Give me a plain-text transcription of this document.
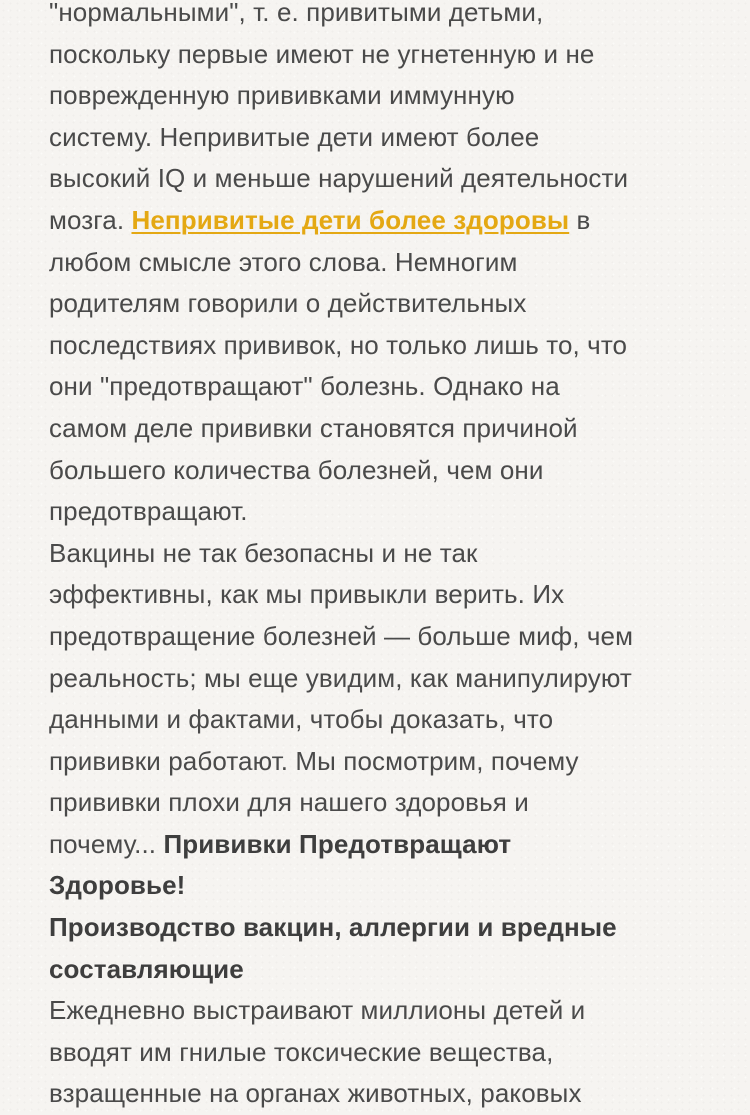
"нормальными", т. е. привитыми детьми,
поскольку первые имеют не угнетенную и не
поврежденную прививками иммунную
систему. Непривитые дети имеют более
высокий IQ и меньше нарушений деятельности
мозга. Непривитые дети более здоровы в
любом смысле этого слова. Немногим
родителям говорили о действительных
последствиях прививок, но только лишь то, что
они "предотвращают" болезнь. Однако на
самом деле прививки становятся причиной
большего количества болезней, чем они
предотвращают.

Вакцины не так безопасны и не так
эффективны, как мы привыкли верить. Их
предотвращение болезней — больше миф, чем
реальность; мы еще увидим, как манипулируют
данными и фактами, чтобы доказать, что
прививки работают. Мы посмотрим, почему
прививки плохи для нашего здоровья и
почему... Прививки Предотвращают
Здоровье!

Производство вакцин, аллергии и вредные
составляющие

Ежедневно выстраивают миллионы детей и
вводят им гнилые токсические вещества,
взращенные на органах животных, раковых
